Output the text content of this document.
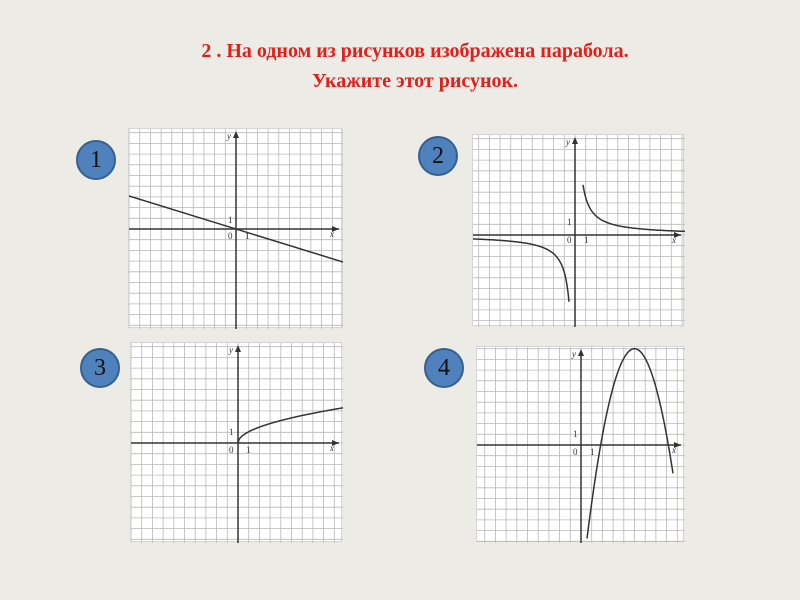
2 . На одном из рисунков изображена парабола.
Укажите этот рисунок.
1
y
x
0 1
1
2
y
x
0 1
1
3
y
x
0 1
1
4
y
x
0 1
1
